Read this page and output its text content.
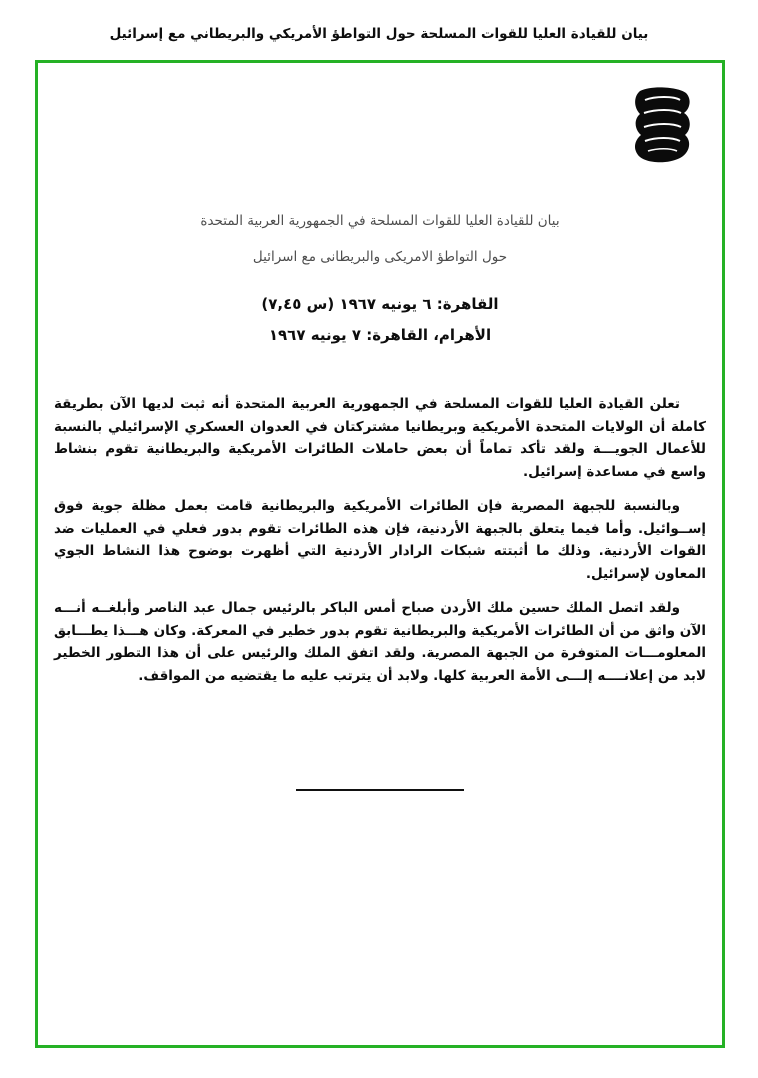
بيان للقيادة العليا للقوات المسلحة حول التواطؤ الأمريكي والبريطاني مع إسرائيل
بيان للقيادة العليا للقوات المسلحة في الجمهورية العربية المتحدة
حول التواطؤ الامريكى والبريطانى مع اسرائيل
القاهرة: ٦ يونيه ١٩٦٧ (س ٧,٤٥)
الأهرام، القاهرة: ٧ يونيه ١٩٦٧

تعلن القيادة العليا للقوات المسلحة في الجمهورية العربية المتحدة أنه ثبت لديها الآن بطريقة كاملة أن الولايات المتحدة الأمريكية وبريطانيا مشتركتان في العدوان العسكري الإسرائيلي بالنسبة للأعمال الجويـــة ولقد تأكد تماماً أن بعض حاملات الطائرات الأمريكية والبريطانية تقوم بنشاط واسع في مساعدة إسرائيل.

وبالنسبة للجبهة المصرية فإن الطائرات الأمريكية والبريطانية قامت بعمل مظلة جوية فوق إســوائيل. وأما فيما يتعلق بالجبهة الأردنية، فإن هذه الطائرات تقوم بدور فعلي في العمليات ضد القوات الأردنية. وذلك ما أثبتته شبكات الرادار الأردنية التي أظهرت بوضوح هذا النشاط الجوي المعاون لإسرائيل.

ولقد اتصل الملك حسين ملك الأردن صباح أمس الباكر بالرئيس جمال عبد الناصر وأبلغــه أنـــه الآن واثق من أن الطائرات الأمريكية والبريطانية تقوم بدور خطير في المعركة. وكان هـــذا يطـــابق المعلومـــات المتوفرة من الجبهة المصرية. ولقد اتفق الملك والرئيس على أن هذا التطور الخطير لابد من إعلانــــه إلـــى الأمة العربية كلها. ولابد أن يترتب عليه ما يقتضيه من المواقف.
